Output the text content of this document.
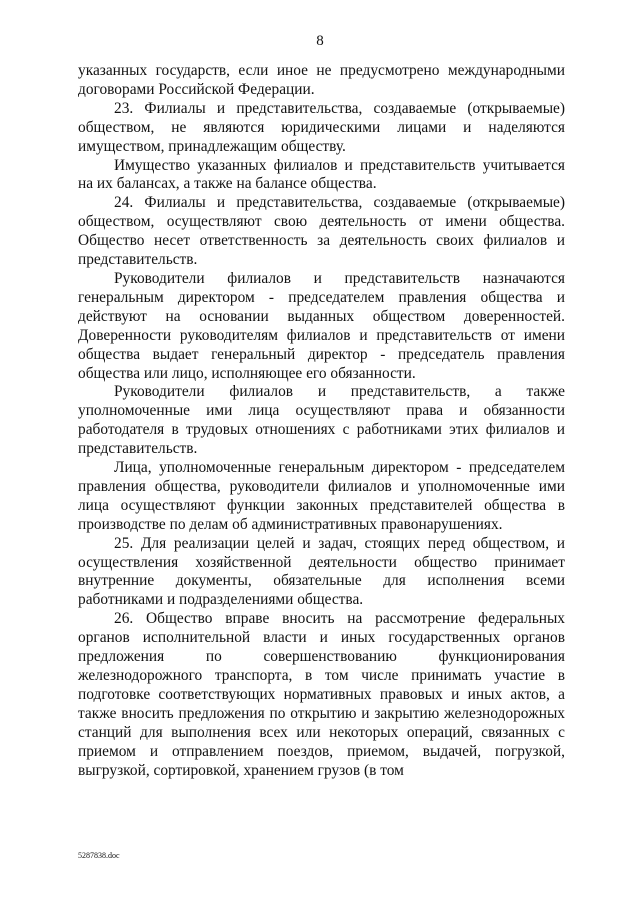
8

указанных государств, если иное не предусмотрено международными договорами Российской Федерации.

23. Филиалы и представительства, создаваемые (открываемые) обществом, не являются юридическими лицами и наделяются имуществом, принадлежащим обществу.

Имущество указанных филиалов и представительств учитывается на их балансах, а также на балансе общества.

24. Филиалы и представительства, создаваемые (открываемые) обществом, осуществляют свою деятельность от имени общества. Общество несет ответственность за деятельность своих филиалов и представительств.

Руководители филиалов и представительств назначаются генеральным директором - председателем правления общества и действуют на основании выданных обществом доверенностей. Доверенности руководителям филиалов и представительств от имени общества выдает генеральный директор - председатель правления общества или лицо, исполняющее его обязанности.

Руководители филиалов и представительств, а также уполномоченные ими лица осуществляют права и обязанности работодателя в трудовых отношениях с работниками этих филиалов и представительств.

Лица, уполномоченные генеральным директором - председателем правления общества, руководители филиалов и уполномоченные ими лица осуществляют функции законных представителей общества в производстве по делам об административных правонарушениях.

25. Для реализации целей и задач, стоящих перед обществом, и осуществления хозяйственной деятельности общество принимает внутренние документы, обязательные для исполнения всеми работниками и подразделениями общества.

26. Общество вправе вносить на рассмотрение федеральных органов исполнительной власти и иных государственных органов предложения по совершенствованию функционирования железнодорожного транспорта, в том числе принимать участие в подготовке соответствующих нормативных правовых и иных актов, а также вносить предложения по открытию и закрытию железнодорожных станций для выполнения всех или некоторых операций, связанных с приемом и отправлением поездов, приемом, выдачей, погрузкой, выгрузкой, сортировкой, хранением грузов (в том

5287838.doc
